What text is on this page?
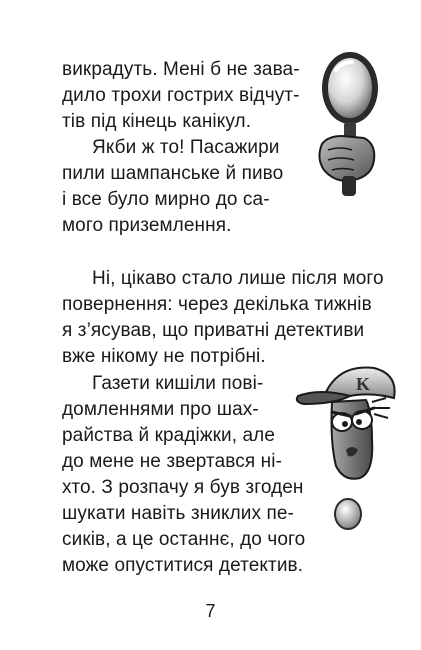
викрадуть. Мені б не зава-
дило трохи гострих відчут-
тів під кінець канікул.
Якби ж то! Пасажири
пили шампанське й пиво
і все було мирно до са-
мого приземлення.
Ні, цікаво стало лише після мого
повернення: через декілька тижнів
я з’ясував, що приватні детективи
вже нікому не потрібні.
Газети кишіли пові-
домленнями про шах-
райства й крадіжки, але
до мене не звертався ні-
хто. З розпачу я був згоден
шукати навіть зниклих пе-
сиків, а це останнє, до чого
може опуститися детектив.
K
7
